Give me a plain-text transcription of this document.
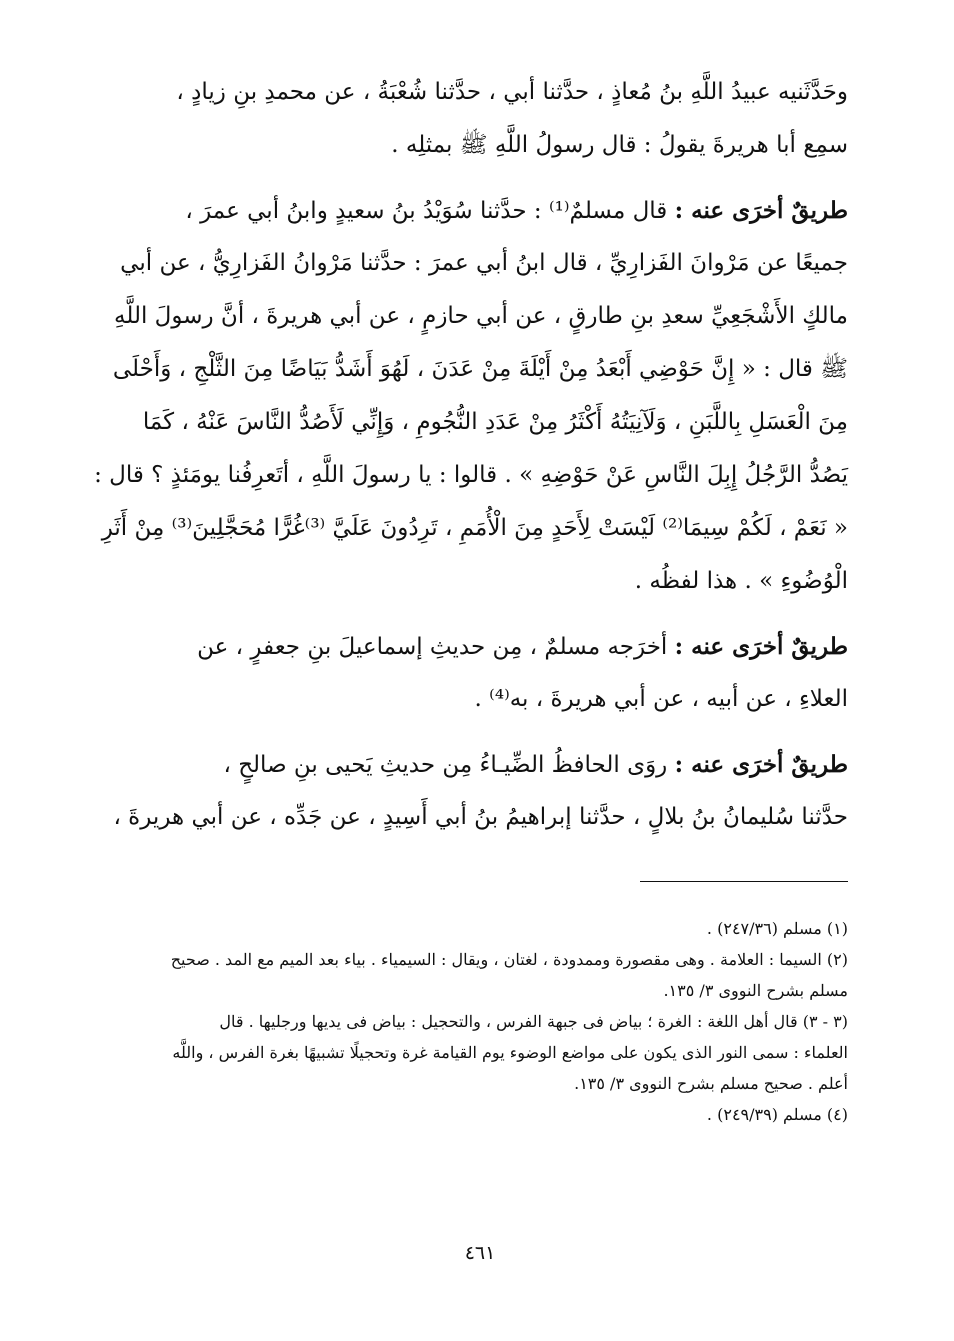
وحَدَّثَنيه عبيدُ اللَّهِ بنُ مُعاذٍ ، حدَّثنا أبي ، حدَّثنا شُعْبَةُ ، عن محمدِ بنِ زيادٍ ،
سمِع أبا هريرةَ يقولُ : قال رسولُ اللَّهِ ﷺ بمثلِه .
طريقٌ أخرَى عنه : قال مسلمٌ⁽¹⁾ : حدَّثنا سُوَيْدُ بنُ سعيدٍ وابنُ أبي عمرَ ،
جميعًا عن مَرْوانَ الفَزارِيِّ ، قال ابنُ أبي عمرَ : حدَّثنا مَرْوانُ الفَزارِيُّ ، عن أبي
مالكٍ الأَشْجَعِيِّ سعدِ بنِ طارقٍ ، عن أبي حازمٍ ، عن أبي هريرةَ ، أنَّ رسولَ اللَّهِ
ﷺ قال : « إِنَّ حَوْضِي أَبْعَدُ مِنْ أَيْلَةَ مِنْ عَدَنَ ، لَهُوَ أَشَدُّ بَيَاضًا مِنَ الثَّلْجِ ، وَأَحْلَى
مِنَ الْعَسَلِ بِاللَّبَنِ ، وَلَآنِيَتُهُ أَكْثَرُ مِنْ عَدَدِ النُّجُومِ ، وَإِنِّي لَأَصُدُّ النَّاسَ عَنْهُ ، كَمَا
يَصُدُّ الرَّجُلُ إِبِلَ النَّاسِ عَنْ حَوْضِهِ » . قالوا : يا رسولَ اللَّهِ ، أتَعرِفُنا يومَئذٍ ؟ قال :
« نَعَمْ ، لَكُمْ سِيمَا⁽²⁾ لَيْسَتْ لِأَحَدٍ مِنَ الْأُمَمِ ، تَرِدُونَ عَلَيَّ ⁽³⁾غُرًّا مُحَجَّلِينَ⁽³⁾ مِنْ أَثَرِ
الْوُضُوءِ » . هذا لفظُه .
طريقٌ أخرَى عنه : أخرَجه مسلمٌ ، مِن حديثِ إسماعيلَ بنِ جعفرٍ ، عن
العلاءِ ، عن أبيه ، عن أبي هريرةَ ، به⁽⁴⁾ .
طريقٌ أخرَى عنه : روَى الحافظُ الضِّيـاءُ مِن حديثِ يَحيى بنِ صالحٍ ،
حدَّثنا سُليمانُ بنُ بلالٍ ، حدَّثنا إبراهيمُ بنُ أبي أَسِيدٍ ، عن جَدِّه ، عن أبي هريرةَ ،
(١) مسلم (٢٤٧/٣٦) .
(٢) السيما : العلامة . وهى مقصورة وممدودة ، لغتان ، ويقال : السيمياء . بياء بعد الميم مع المد . صحيح
مسلم بشرح النووى ٣/ ١٣٥.
(٣ - ٣) قال أهل اللغة : الغرة ؛ بياض فى جبهة الفرس ، والتحجيل : بياض فى يديها ورجليها . قال
العلماء : سمى النور الذى يكون على مواضع الوضوء يوم القيامة غرة وتحجيلًا تشبيهًا بغرة الفرس ، واللَّه
أعلم . صحيح مسلم بشرح النووى ٣/ ١٣٥.
(٤) مسلم (٢٤٩/٣٩) .
٤٦١
